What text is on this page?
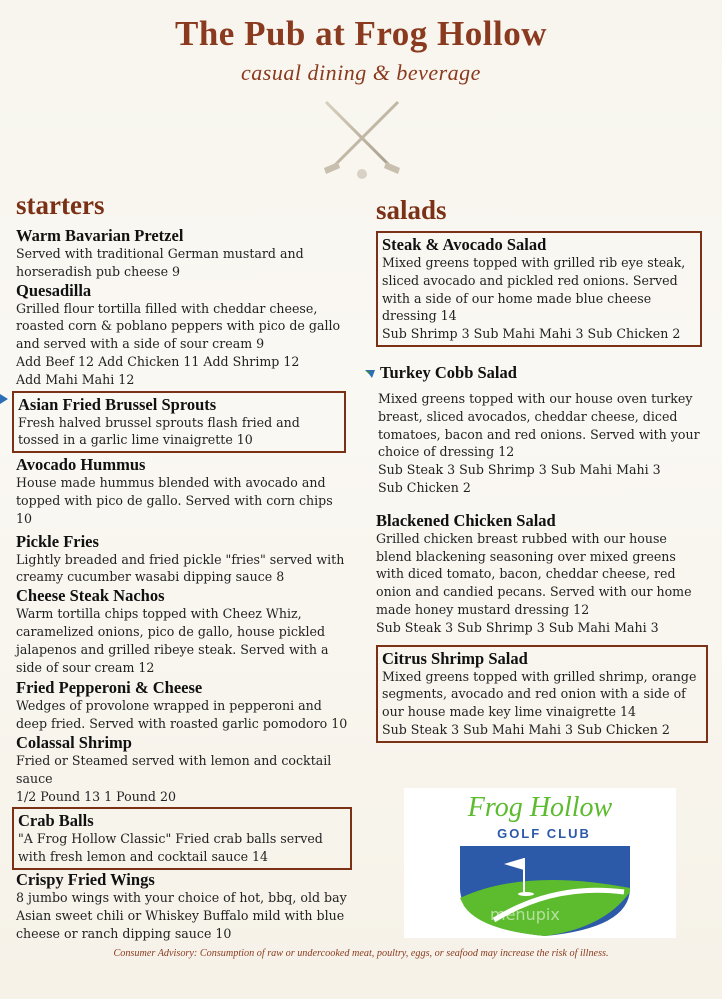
The Pub at Frog Hollow
casual dining & beverage
starters	salads
Warm Bavarian Pretzel
Served with traditional German mustard and horseradish pub cheese 9
Quesadilla
Grilled flour tortilla filled with cheddar cheese, roasted corn & poblano peppers with pico de gallo and served with a side of sour cream 9
Add Beef 12 Add Chicken 11 Add Shrimp 12 Add Mahi Mahi 12
Asian Fried Brussel Sprouts
Fresh halved brussel sprouts flash fried and tossed in a garlic lime vinaigrette 10
Avocado Hummus
House made hummus blended with avocado and topped with pico de gallo. Served with corn chips 10
Pickle Fries
Lightly breaded and fried pickle "fries" served with creamy cucumber wasabi dipping sauce 8
Cheese Steak Nachos
Warm tortilla chips topped with Cheez Whiz, caramelized onions, pico de gallo, house pickled jalapenos and grilled ribeye steak. Served with a side of sour cream 12
Fried Pepperoni & Cheese
Wedges of provolone wrapped in pepperoni and deep fried. Served with roasted garlic pomodoro 10
Colassal Shrimp
Fried or Steamed served with lemon and cocktail sauce
1/2 Pound 13 1 Pound 20
Crab Balls
"A Frog Hollow Classic" Fried crab balls served with fresh lemon and cocktail sauce 14
Crispy Fried Wings
8 jumbo wings with your choice of hot, bbq, old bay Asian sweet chili or Whiskey Buffalo mild with blue cheese or ranch dipping sauce 10
Steak & Avocado Salad
Mixed greens topped with grilled rib eye steak, sliced avocado and pickled red onions. Served with a side of our home made blue cheese dressing 14
Sub Shrimp 3 Sub Mahi Mahi 3 Sub Chicken 2
Turkey Cobb Salad
Mixed greens topped with our house oven turkey breast, sliced avocados, cheddar cheese, diced tomatoes, bacon and red onions. Served with your choice of dressing 12
Sub Steak 3 Sub Shrimp 3 Sub Mahi Mahi 3 Sub Chicken 2
Blackened Chicken Salad
Grilled chicken breast rubbed with our house blend blackening seasoning over mixed greens with diced tomato, bacon, cheddar cheese, red onion and candied pecans. Served with our home made honey mustard dressing 12
Sub Steak 3 Sub Shrimp 3 Sub Mahi Mahi 3
Citrus Shrimp Salad
Mixed greens topped with grilled shrimp, orange segments, avocado and red onion with a side of our house made key lime vinaigrette 14
Sub Steak 3 Sub Mahi Mahi 3 Sub Chicken 2
Frog Hollow
GOLF CLUB
menupix
Consumer Advisory: Consumption of raw or undercooked meat, poultry, eggs, or seafood may increase the risk of illness.
